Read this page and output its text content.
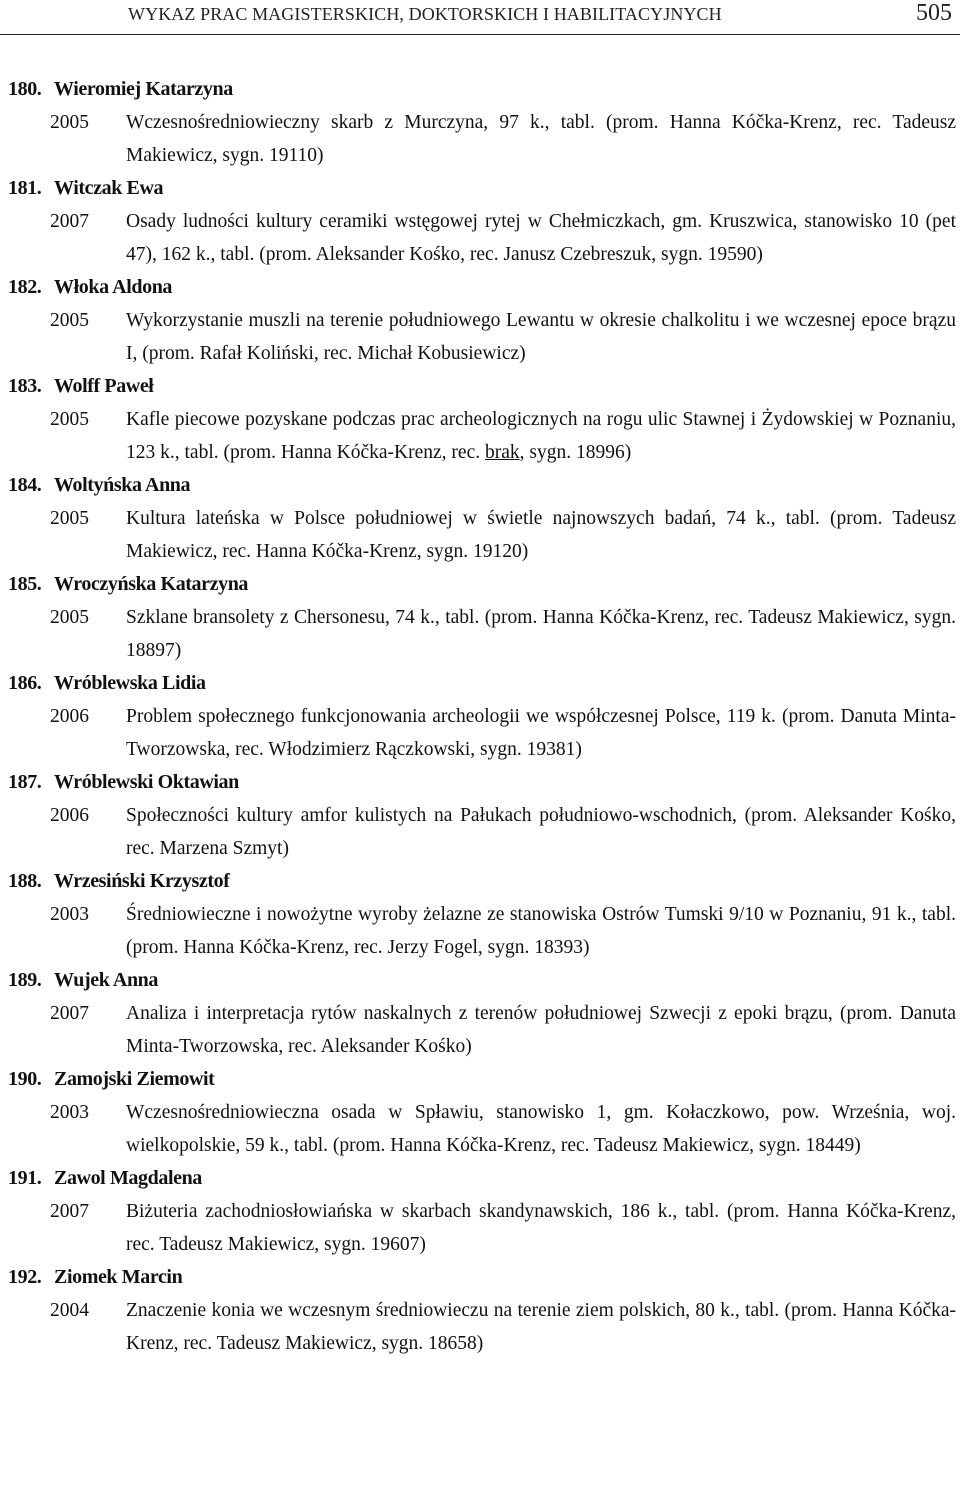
WYKAZ PRAC MAGISTERSKICH, DOKTORSKICH I HABILITACYJNYCH	505
180. Wieromiej Katarzyna
2005	Wczesnośredniowieczny skarb z Murczyna, 97 k., tabl. (prom. Hanna Kóčka-Krenz, rec. Tadeusz Makiewicz, sygn. 19110)
181. Witczak Ewa
2007	Osady ludności kultury ceramiki wstęgowej rytej w Chełmiczkach, gm. Kruszwica, stanowisko 10 (pet 47), 162 k., tabl. (prom. Aleksander Kośko, rec. Janusz Czebreszuk, sygn. 19590)
182. Włoka Aldona
2005	Wykorzystanie muszli na terenie południowego Lewantu w okresie chalkolitu i we wczesnej epoce brązu I, (prom. Rafał Koliński, rec. Michał Kobusiewicz)
183. Wolff Paweł
2005	Kafle piecowe pozyskane podczas prac archeologicznych na rogu ulic Stawnej i Żydowskiej w Poznaniu, 123 k., tabl. (prom. Hanna Kóčka-Krenz, rec. brak, sygn. 18996)
184. Woltyńska Anna
2005	Kultura lateńska w Polsce południowej w świetle najnowszych badań, 74 k., tabl. (prom. Tadeusz Makiewicz, rec. Hanna Kóčka-Krenz, sygn. 19120)
185. Wroczyńska Katarzyna
2005	Szklane bransolety z Chersonesu, 74 k., tabl. (prom. Hanna Kóčka-Krenz, rec. Tadeusz Makiewicz, sygn. 18897)
186. Wróblewska Lidia
2006	Problem społecznego funkcjonowania archeologii we współczesnej Polsce, 119 k. (prom. Danuta Minta-Tworzowska, rec. Włodzimierz Rączkowski, sygn. 19381)
187. Wróblewski Oktawian
2006	Społeczności kultury amfor kulistych na Pałukach południowo-wschodnich, (prom. Aleksander Kośko, rec. Marzena Szmyt)
188. Wrzesiński Krzysztof
2003	Średniowieczne i nowożytne wyroby żelazne ze stanowiska Ostrów Tumski 9/10 w Poznaniu, 91 k., tabl. (prom. Hanna Kóčka-Krenz, rec. Jerzy Fogel, sygn. 18393)
189. Wujek Anna
2007	Analiza i interpretacja rytów naskalnych z terenów południowej Szwecji z epoki brązu, (prom. Danuta Minta-Tworzowska, rec. Aleksander Kośko)
190. Zamojski Ziemowit
2003	Wczesnośredniowieczna osada w Spławiu, stanowisko 1, gm. Kołaczkowo, pow. Września, woj. wielkopolskie, 59 k., tabl. (prom. Hanna Kóčka-Krenz, rec. Tadeusz Makiewicz, sygn. 18449)
191. Zawol Magdalena
2007	Biżuteria zachodniosłowiańska w skarbach skandynawskich, 186 k., tabl. (prom. Hanna Kóčka-Krenz, rec. Tadeusz Makiewicz, sygn. 19607)
192. Ziomek Marcin
2004	Znaczenie konia we wczesnym średniowieczu na terenie ziem polskich, 80 k., tabl. (prom. Hanna Kóčka-Krenz, rec. Tadeusz Makiewicz, sygn. 18658)
